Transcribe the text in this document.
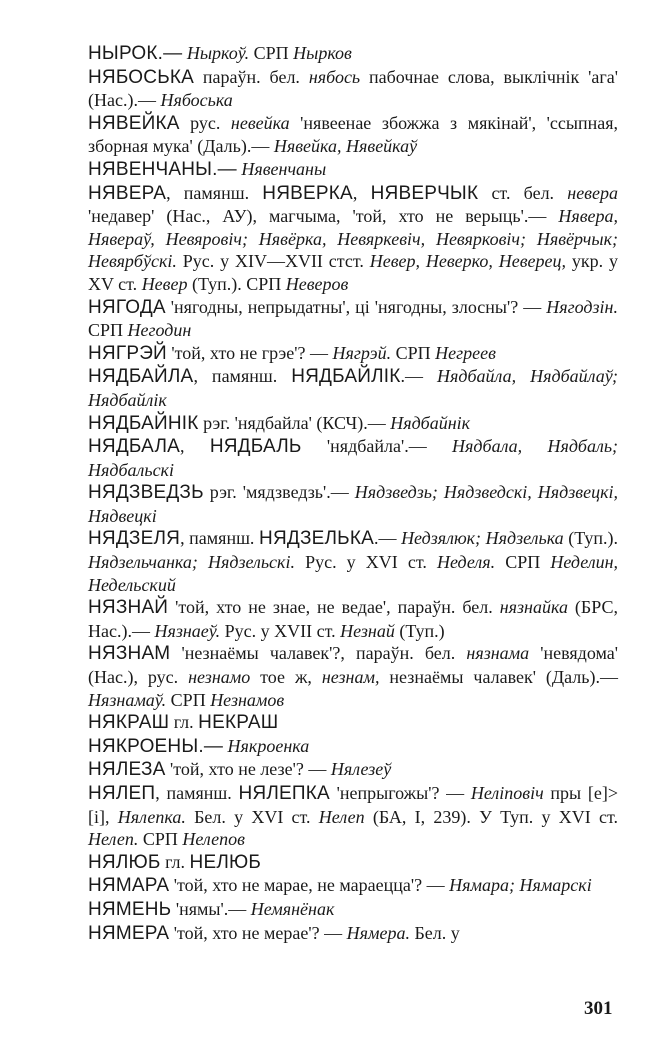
НЫРОК.— Ныркоў. СРП Нырков
НЯБОСЬКА параўн. бел. нябось пабочнае слова, выклічнік 'ага' (Нас.).— Нябоська
НЯВЕЙКА рус. невейка 'нявеенае збожжа з мякінай', 'ссыпная, зборная мука' (Даль).— Нявейка, Нявейкаў
НЯВЕНЧАНЫ.— Нявенчаны
НЯВЕРА, памянш. НЯВЕРКА, НЯВЕРЧЫК ст. бел. невера 'недавер' (Нас., АУ), магчыма, 'той, хто не верыць'.— Нявера, Нявераў, Невяровіч; Нявёрка, Невяркевіч, Невярковіч; Нявёрчык; Невярбўскі. Рус. у XIV—XVII стст. Невер, Неверко, Неверец, укр. у XV ст. Невер (Туп.). СРП Неверов
НЯГОДА 'нягодны, непрыдатны', ці 'нягодны, злосны'? — Нягодзін. СРП Негодин
НЯГРЭЙ 'той, хто не грэе'? — Нягрэй. СРП Негреев
НЯДБАЙЛА, памянш. НЯДБАЙЛІК.— Нядбайла, Нядбайлаў; Нядбайлік
НЯДБАЙНІК рэг. 'нядбайла' (КСЧ).— Нядбайнік
НЯДБАЛА, НЯДБАЛЬ 'нядбайла'.— Нядбала, Нядбаль; Нядбальскі
НЯДЗВЕДЗЬ рэг. 'мядзведзь'.— Нядзведзь; Нядзведскі, Нядзвецкі, Нядвецкі
НЯДЗЕЛЯ, памянш. НЯДЗЕЛЬКА.— Недзялюк; Нядзелька (Туп.). Нядзельчанка; Нядзельскі. Рус. у XVI ст. Неделя. СРП Неделин, Недельский
НЯЗНАЙ 'той, хто не знае, не ведае', параўн. бел. нязнайка (БРС, Нас.).— Нязнаеў. Рус. у XVII ст. Незнай (Туп.)
НЯЗНАМ 'незнаёмы чалавек'?, параўн. бел. нязнама 'невядома' (Нас.), рус. незнамо тое ж, незнам, незнаёмы чалавек' (Даль).— Нязнамаў. СРП Незнамов
НЯКРАШ гл. НЕКРАШ
НЯКРОЕНЫ.— Някроенка
НЯЛЕЗА 'той, хто не лезе'? — Нялезеў
НЯЛЕП, памянш. НЯЛЕПКА 'непрыгожы'? — Неліповіч пры [е]>[і], Нялепка. Бел. у XVI ст. Нелеп (БА, I, 239). У Туп. у XVI ст. Нелеп. СРП Нелепов
НЯЛЮБ гл. НЕЛЮБ
НЯМАРА 'той, хто не марае, не мараецца'? — Нямара; Нямарскі
НЯМЕНЬ 'нямы'.— Немянёнак
НЯМЕРА 'той, хто не мерае'? — Нямера. Бел. у
301
